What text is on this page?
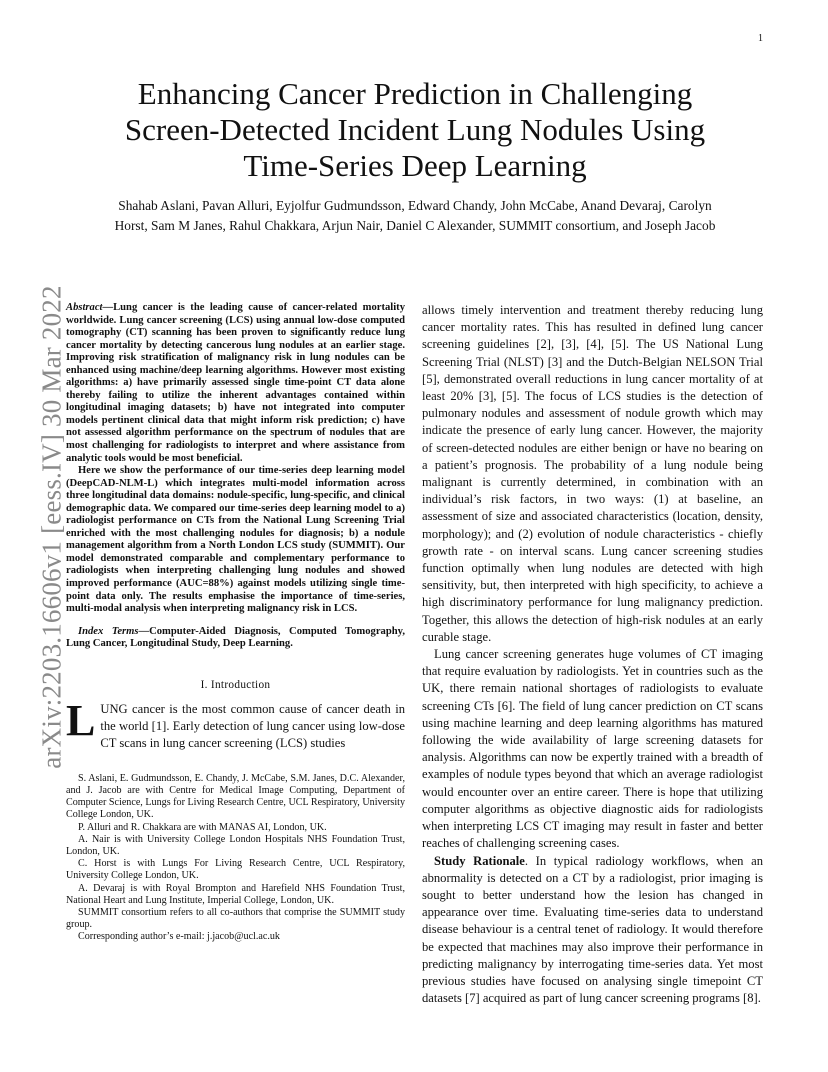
1
Enhancing Cancer Prediction in Challenging
Screen-Detected Incident Lung Nodules Using
Time-Series Deep Learning
Shahab Aslani, Pavan Alluri, Eyjolfur Gudmundsson, Edward Chandy, John McCabe, Anand Devaraj, Carolyn
Horst, Sam M Janes, Rahul Chakkara, Arjun Nair, Daniel C Alexander, SUMMIT consortium, and Joseph Jacob
arXiv:2203.16606v1 [eess.IV] 30 Mar 2022 Abstract—Lung cancer is the leading cause of cancer-related mortality worldwide. Lung cancer screening (LCS) using annual low-dose computed tomography (CT) scanning has been proven to significantly reduce lung cancer mortality by detecting cancerous lung nodules at an earlier stage. Improving risk stratification of malignancy risk in lung nodules can be enhanced using machine/deep learning algorithms. However most existing algorithms: a) have primarily assessed single time-point CT data alone thereby failing to utilize the inherent advantages contained within longitudinal imaging datasets; b) have not integrated into computer models pertinent clinical data that might inform risk prediction; c) have not assessed algorithm performance on the spectrum of nodules that are most challenging for radiologists to interpret and where assistance from analytic tools would be most beneficial.

Here we show the performance of our time-series deep learning model (DeepCAD-NLM-L) which integrates multi-model information across three longitudinal data domains: nodule-specific, lung-specific, and clinical demographic data. We compared our time-series deep learning model to a) radiologist performance on CTs from the National Lung Screening Trial enriched with the most challenging nodules for diagnosis; b) a nodule management algorithm from a North London LCS study (SUMMIT). Our model demonstrated comparable and complementary performance to radiologists when interpreting challenging lung nodules and showed improved performance (AUC=88%) against models utilizing single time-point data only. The results emphasise the importance of time-series, multi-modal analysis when interpreting malignancy risk in LCS.

Index Terms—Computer-Aided Diagnosis, Computed Tomography, Lung Cancer, Longitudinal Study, Deep Learning.

I. Introduction

LUNG cancer is the most common cause of cancer death in the world [1]. Early detection of lung cancer using low-dose CT scans in lung cancer screening (LCS) studies

S. Aslani, E. Gudmundsson, E. Chandy, J. McCabe, S.M. Janes, D.C. Alexander, and J. Jacob are with Centre for Medical Image Computing, Department of Computer Science, Lungs for Living Research Centre, UCL Respiratory, University College London, UK.

P. Alluri and R. Chakkara are with MANAS AI, London, UK.

A. Nair is with University College London Hospitals NHS Foundation Trust, London, UK.

C. Horst is with Lungs For Living Research Centre, UCL Respiratory, University College London, UK.

A. Devaraj is with Royal Brompton and Harefield NHS Foundation Trust, National Heart and Lung Institute, Imperial College, London, UK.

SUMMIT consortium refers to all co-authors that comprise the SUMMIT study group.

Corresponding author’s e-mail: j.jacob@ucl.ac.uk

allows timely intervention and treatment thereby reducing lung cancer mortality rates. This has resulted in defined lung cancer screening guidelines [2], [3], [4], [5]. The US National Lung Screening Trial (NLST) [3] and the Dutch-Belgian NELSON Trial [5], demonstrated overall reductions in lung cancer mortality of at least 20% [3], [5]. The focus of LCS studies is the detection of pulmonary nodules and assessment of nodule growth which may indicate the presence of early lung cancer. However, the majority of screen-detected nodules are either benign or have no bearing on a patient’s prognosis. The probability of a lung nodule being malignant is currently determined, in combination with an individual’s risk factors, in two ways: (1) at baseline, an assessment of size and associated characteristics (location, density, morphology); and (2) evolution of nodule characteristics - chiefly growth rate - on interval scans. Lung cancer screening studies function optimally when lung nodules are detected with high sensitivity, but, then interpreted with high specificity, to achieve a high discriminatory performance for lung malignancy prediction. Together, this allows the detection of high-risk nodules at an early curable stage.

Lung cancer screening generates huge volumes of CT imaging that require evaluation by radiologists. Yet in countries such as the UK, there remain national shortages of radiologists to evaluate screening CTs [6]. The field of lung cancer prediction on CT scans using machine learning and deep learning algorithms has matured following the wide availability of large screening datasets for analysis. Algorithms can now be expertly trained with a breadth of examples of nodule types beyond that which an average radiologist would encounter over an entire career. There is hope that utilizing computer algorithms as objective diagnostic aids for radiologists when interpreting LCS CT imaging may result in faster and better reaches of challenging screening cases.

Study Rationale. In typical radiology workflows, when an abnormality is detected on a CT by a radiologist, prior imaging is sought to better understand how the lesion has changed in appearance over time. Evaluating time-series data to understand disease behaviour is a central tenet of radiology. It would therefore be expected that machines may also improve their performance in predicting malignancy by interrogating time-series data. Yet most previous studies have focused on analysing single timepoint CT datasets [7] acquired as part of lung cancer screening programs [8].
